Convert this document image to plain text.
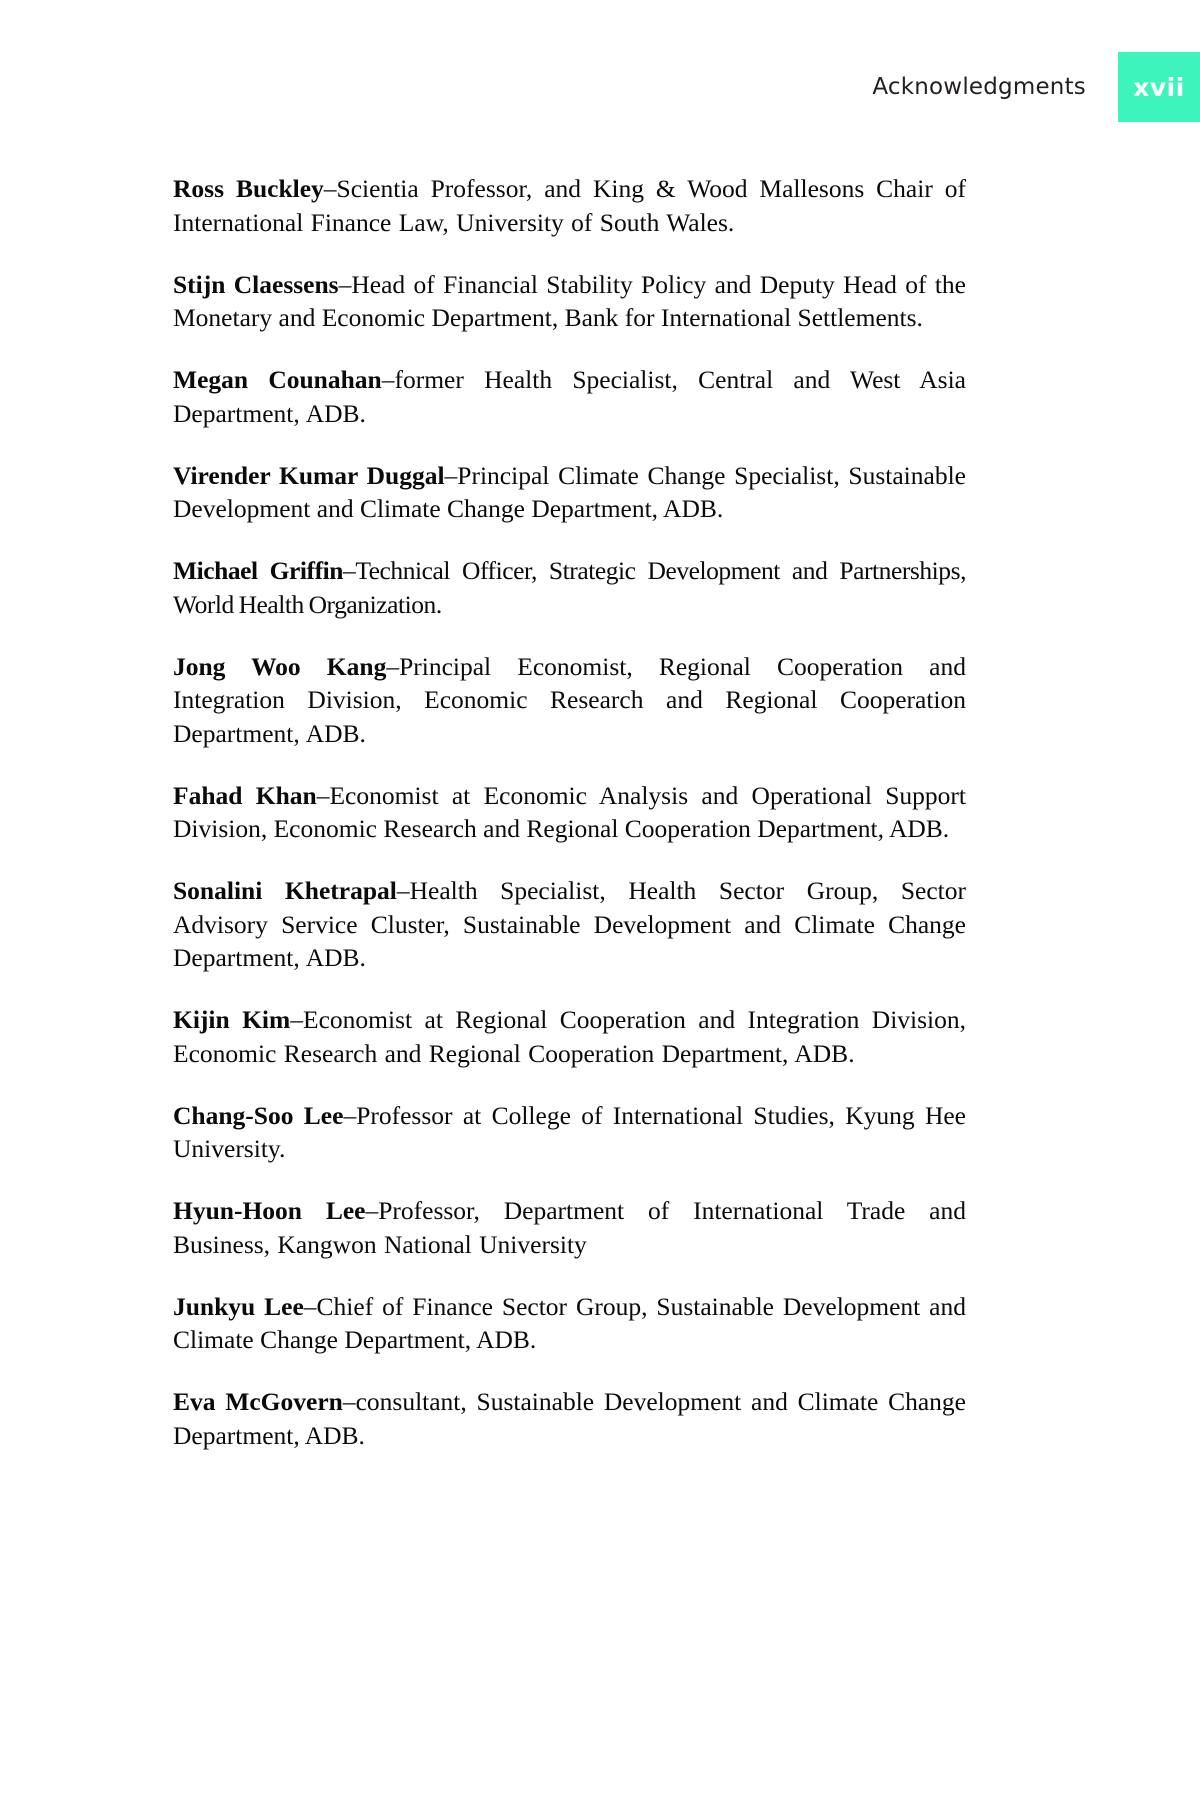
Acknowledgments	xvii

Ross Buckley–Scientia Professor, and King & Wood Mallesons Chair of International Finance Law, University of South Wales.

Stijn Claessens–Head of Financial Stability Policy and Deputy Head of the Monetary and Economic Department, Bank for International Settlements.

Megan Counahan–former Health Specialist, Central and West Asia Department, ADB.

Virender Kumar Duggal–Principal Climate Change Specialist, Sustainable Development and Climate Change Department, ADB.

Michael Griffin–Technical Officer, Strategic Development and Partnerships, World Health Organization.

Jong Woo Kang–Principal Economist, Regional Cooperation and Integration Division, Economic Research and Regional Cooperation Department, ADB.

Fahad Khan–Economist at Economic Analysis and Operational Support Division, Economic Research and Regional Cooperation Department, ADB.

Sonalini Khetrapal–Health Specialist, Health Sector Group, Sector Advisory Service Cluster, Sustainable Development and Climate Change Department, ADB.

Kijin Kim–Economist at Regional Cooperation and Integration Division, Economic Research and Regional Cooperation Department, ADB.

Chang-Soo Lee–Professor at College of International Studies, Kyung Hee University.

Hyun-Hoon Lee–Professor, Department of International Trade and Business, Kangwon National University

Junkyu Lee–Chief of Finance Sector Group, Sustainable Development and Climate Change Department, ADB.

Eva McGovern–consultant, Sustainable Development and Climate Change Department, ADB.
